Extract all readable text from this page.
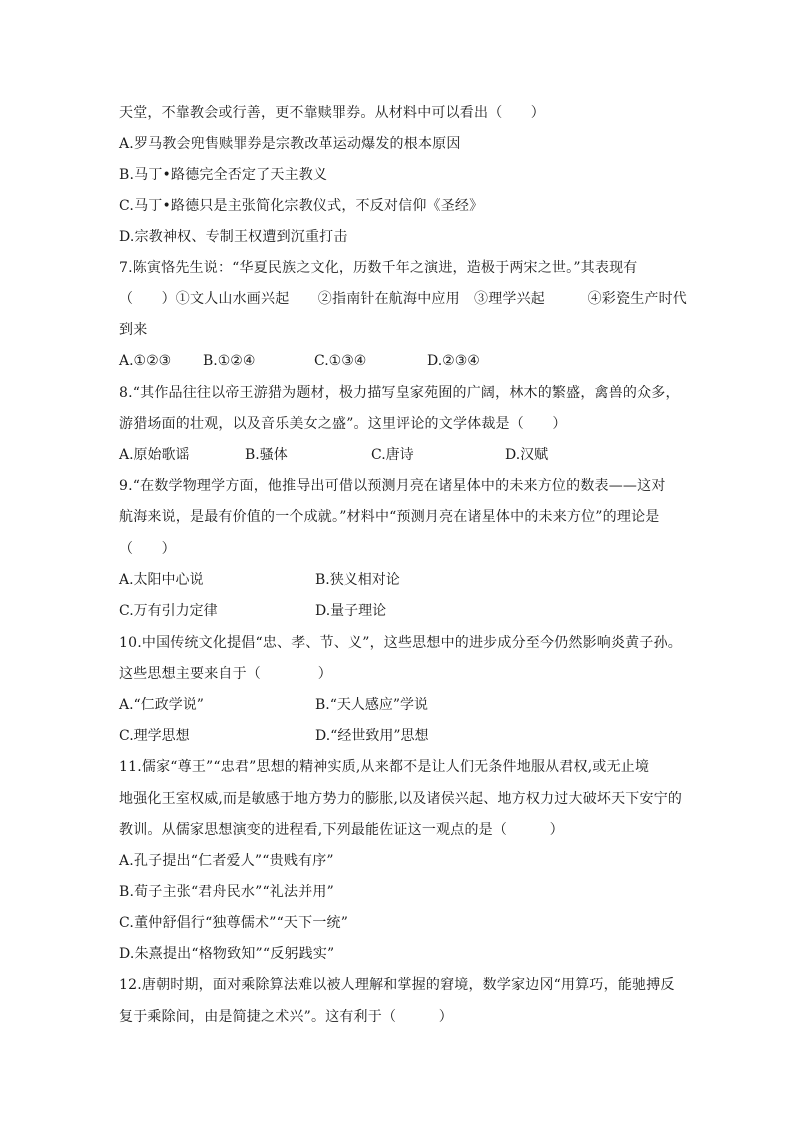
天堂，不靠教会或行善，更不靠赎罪券。从材料中可以看出（　　）
A.罗马教会兜售赎罪券是宗教改革运动爆发的根本原因
B.马丁•路德完全否定了天主教义
C.马丁•路德只是主张简化宗教仪式，不反对信仰《圣经》
D.宗教神权、专制王权遭到沉重打击
7.陈寅恪先生说：“华夏民族之文化，历数千年之演进，造极于两宋之世。”其表现有
（　　）①文人山水画兴起　　②指南针在航海中应用　③理学兴起　　　④彩瓷生产时代
到来
A.①②③ B.①②④	C.①③④	D.②③④
8.“其作品往往以帝王游猎为题材，极力描写皇家苑囿的广阔，林木的繁盛，禽兽的众多，
游猎场面的壮观，以及音乐美女之盛”。这里评论的文学体裁是（　　）
A.原始歌谣	B.骚体	C.唐诗	D.汉赋
9.“在数学物理学方面，他推导出可借以预测月亮在诸星体中的未来方位的数表——这对
航海来说，是最有价值的一个成就。”材料中“预测月亮在诸星体中的未来方位”的理论是
（　　）
A.太阳中心说	B.狭义相对论
C.万有引力定律	D.量子理论
10.中国传统文化提倡“忠、孝、节、义”，这些思想中的进步成分至今仍然影响炎黄子孙。
这些思想主要来自于（　　　　）
A.“仁政学说”	B.“天人感应”学说
C.理学思想	D.“经世致用”思想
11.儒家“尊王”“忠君”思想的精神实质,从来都不是让人们无条件地服从君权,或无止境
地强化王室权威,而是敏感于地方势力的膨胀,以及诸侯兴起、地方权力过大破坏天下安宁的
教训。从儒家思想演变的进程看,下列最能佐证这一观点的是（　　　）
A.孔子提出“仁者爱人”“贵贱有序”
B.荀子主张“君舟民水”“礼法并用”
C.董仲舒倡行“独尊儒术”“天下一统”
D.朱熹提出“格物致知”“反躬践实”
12.唐朝时期，面对乘除算法难以被人理解和掌握的窘境，数学家边冈“用算巧，能驰搏反
复于乘除间，由是简捷之术兴”。这有利于（　　　）
